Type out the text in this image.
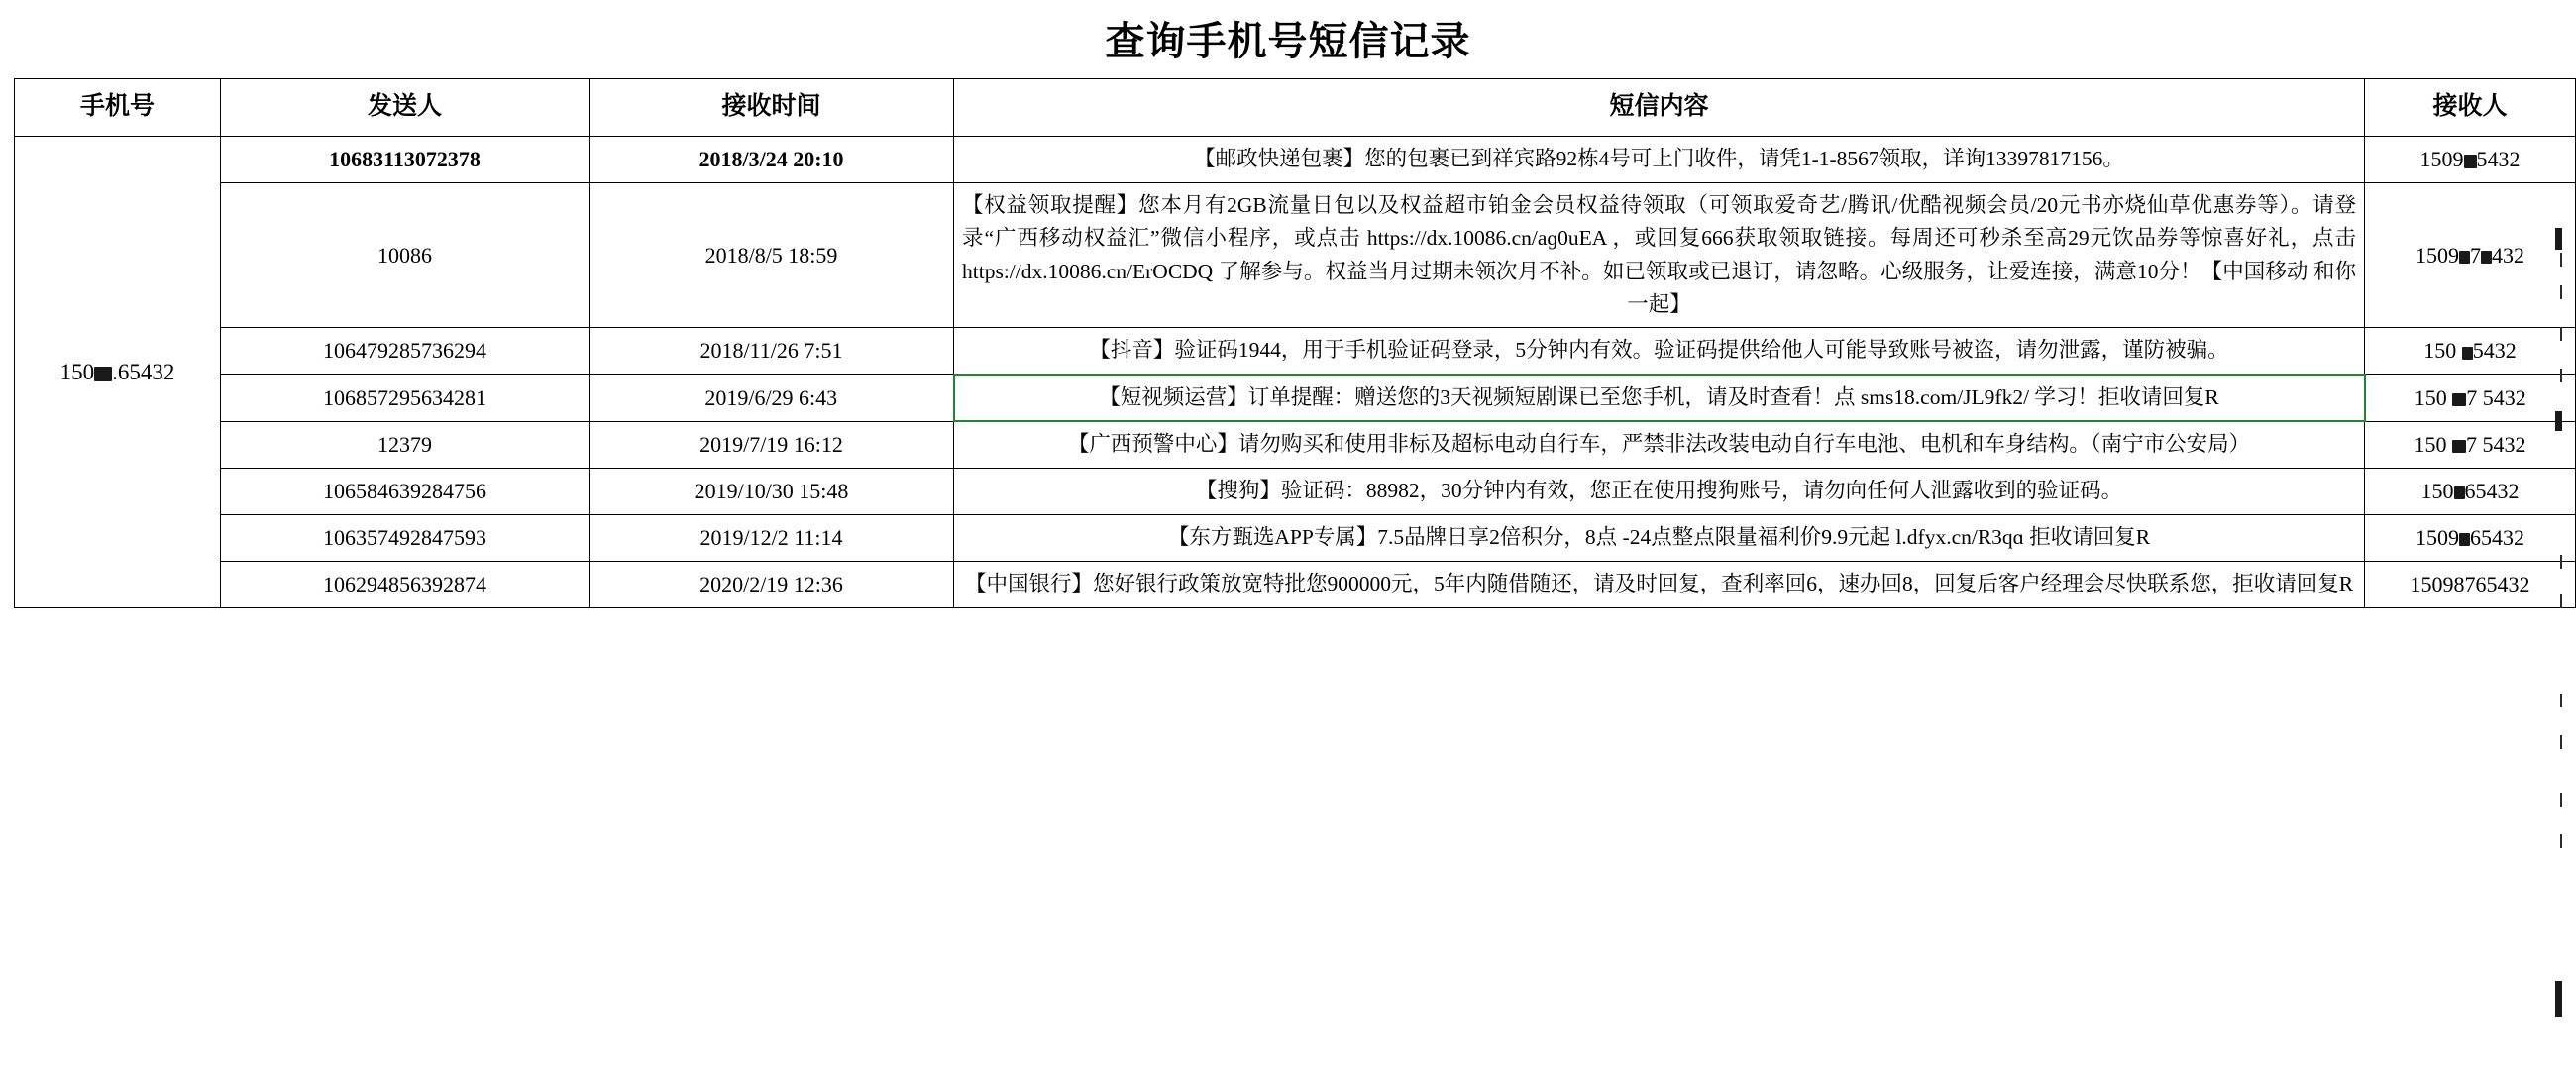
查询手机号短信记录
手机号	发送人	接收时间	短信内容	接收人
150 .65432	10683113072378	2018/3/24 20:10	【邮政快递包裹】您的包裹已到祥宾路92栋4号可上门收件，请凭1-1-8567领取，详询13397817156。	1509 5432
	10086	2018/8/5 18:59	【权益领取提醒】您本月有2GB流量日包以及权益超市铂金会员权益待领取（可领取爱奇艺/腾讯/优酷视频会员/20元书亦烧仙草优惠券等）。请登录“广西移动权益汇”微信小程序，或点击 https://dx.10086.cn/aɡ0uEA ，或回复666获取领取链接。每周还可秒杀至高29元饮品券等惊喜好礼，点击 https://dx.10086.cn/ErOCDQ 了解参与。权益当月过期未领次月不补。如已领取或已退订，请忽略。心级服务，让爱连接，满意10分！【中国移动 和你一起】	1509 7 432
	106479285736294	2018/11/26 7:51	【抖音】验证码1944，用于手机验证码登录，5分钟内有效。验证码提供给他人可能导致账号被盗，请勿泄露，谨防被骗。	150 5432
	106857295634281	2019/6/29 6:43	【短视频运营】订单提醒：赠送您的3天视频短剧课已至您手机，请及时查看！点 sms18.com/JL9fk2/ 学习！拒收请回复R	150 7 5432
	12379	2019/7/19 16:12	【广西预警中心】请勿购买和使用非标及超标电动自行车，严禁非法改装电动自行车电池、电机和车身结构。（南宁市公安局）	150 7 5432
	106584639284756	2019/10/30 15:48	【搜狗】验证码：88982，30分钟内有效，您正在使用搜狗账号，请勿向任何人泄露收到的验证码。	150 65432
	106357492847593	2019/12/2 11:14	【东方甄选APP专属】7.5品牌日享2倍积分，8点 -24点整点限量福利价9.9元起 l.dfyx.cn/R3qɑ 拒收请回复R	1509 65432
	106294856392874	2020/2/19 12:36	【中国银行】您好银行政策放宽特批您900000元，5年内随借随还，请及时回复，查利率回6，速办回8，回复后客户经理会尽快联系您，拒收请回复R	15098765432
